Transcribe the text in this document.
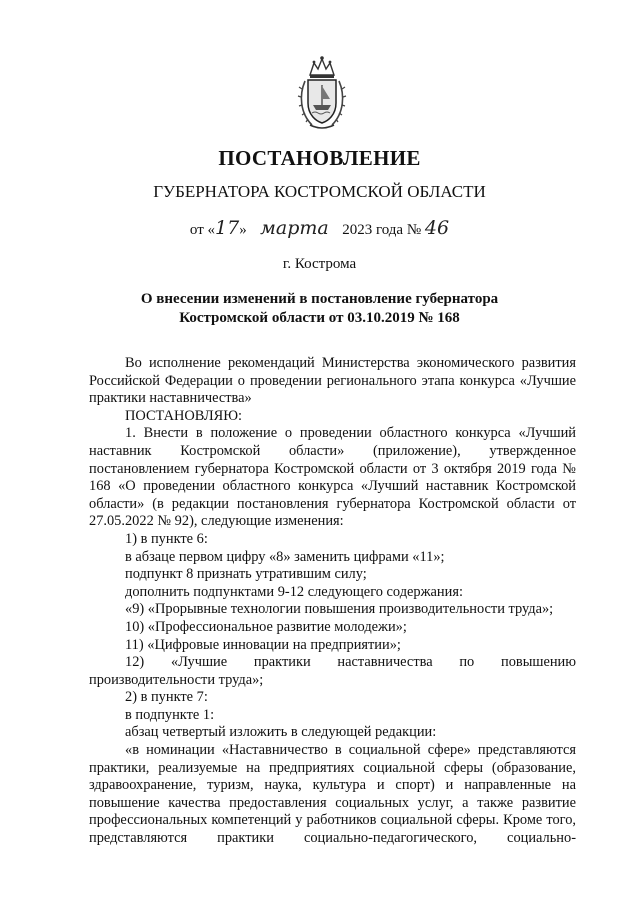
ПОСТАНОВЛЕНИЕ
ГУБЕРНАТОРА КОСТРОМСКОЙ ОБЛАСТИ
от «17» марта 2023 года № 46
г. Кострома
О внесении изменений в постановление губернатора
Костромской области от 03.10.2019 № 168

Во исполнение рекомендаций Министерства экономического развития Российской Федерации о проведении регионального этапа конкурса «Лучшие практики наставничества»

ПОСТАНОВЛЯЮ:

1. Внести в положение о проведении областного конкурса «Лучший наставник Костромской области» (приложение), утвержденное постановлением губернатора Костромской области от 3 октября 2019 года № 168 «О проведении областного конкурса «Лучший наставник Костромской области» (в редакции постановления губернатора Костромской области от 27.05.2022 № 92), следующие изменения:

1) в пункте 6:

в абзаце первом цифру «8» заменить цифрами «11»;

подпункт 8 признать утратившим силу;

дополнить подпунктами 9-12 следующего содержания:

«9) «Прорывные технологии повышения производительности труда»;

10) «Профессиональное развитие молодежи»;

11) «Цифровые инновации на предприятии»;

12) «Лучшие практики наставничества по повышению производительности труда»;

2) в пункте 7:

в подпункте 1:

абзац четвертый изложить в следующей редакции:

«в номинации «Наставничество в социальной сфере» представляются практики, реализуемые на предприятиях социальной сферы (образование, здравоохранение, туризм, наука, культура и спорт) и направленные на повышение качества предоставления социальных услуг, а также развитие профессиональных компетенций у работников социальной сферы. Кроме того, представляются практики социально-педагогического, социально-
